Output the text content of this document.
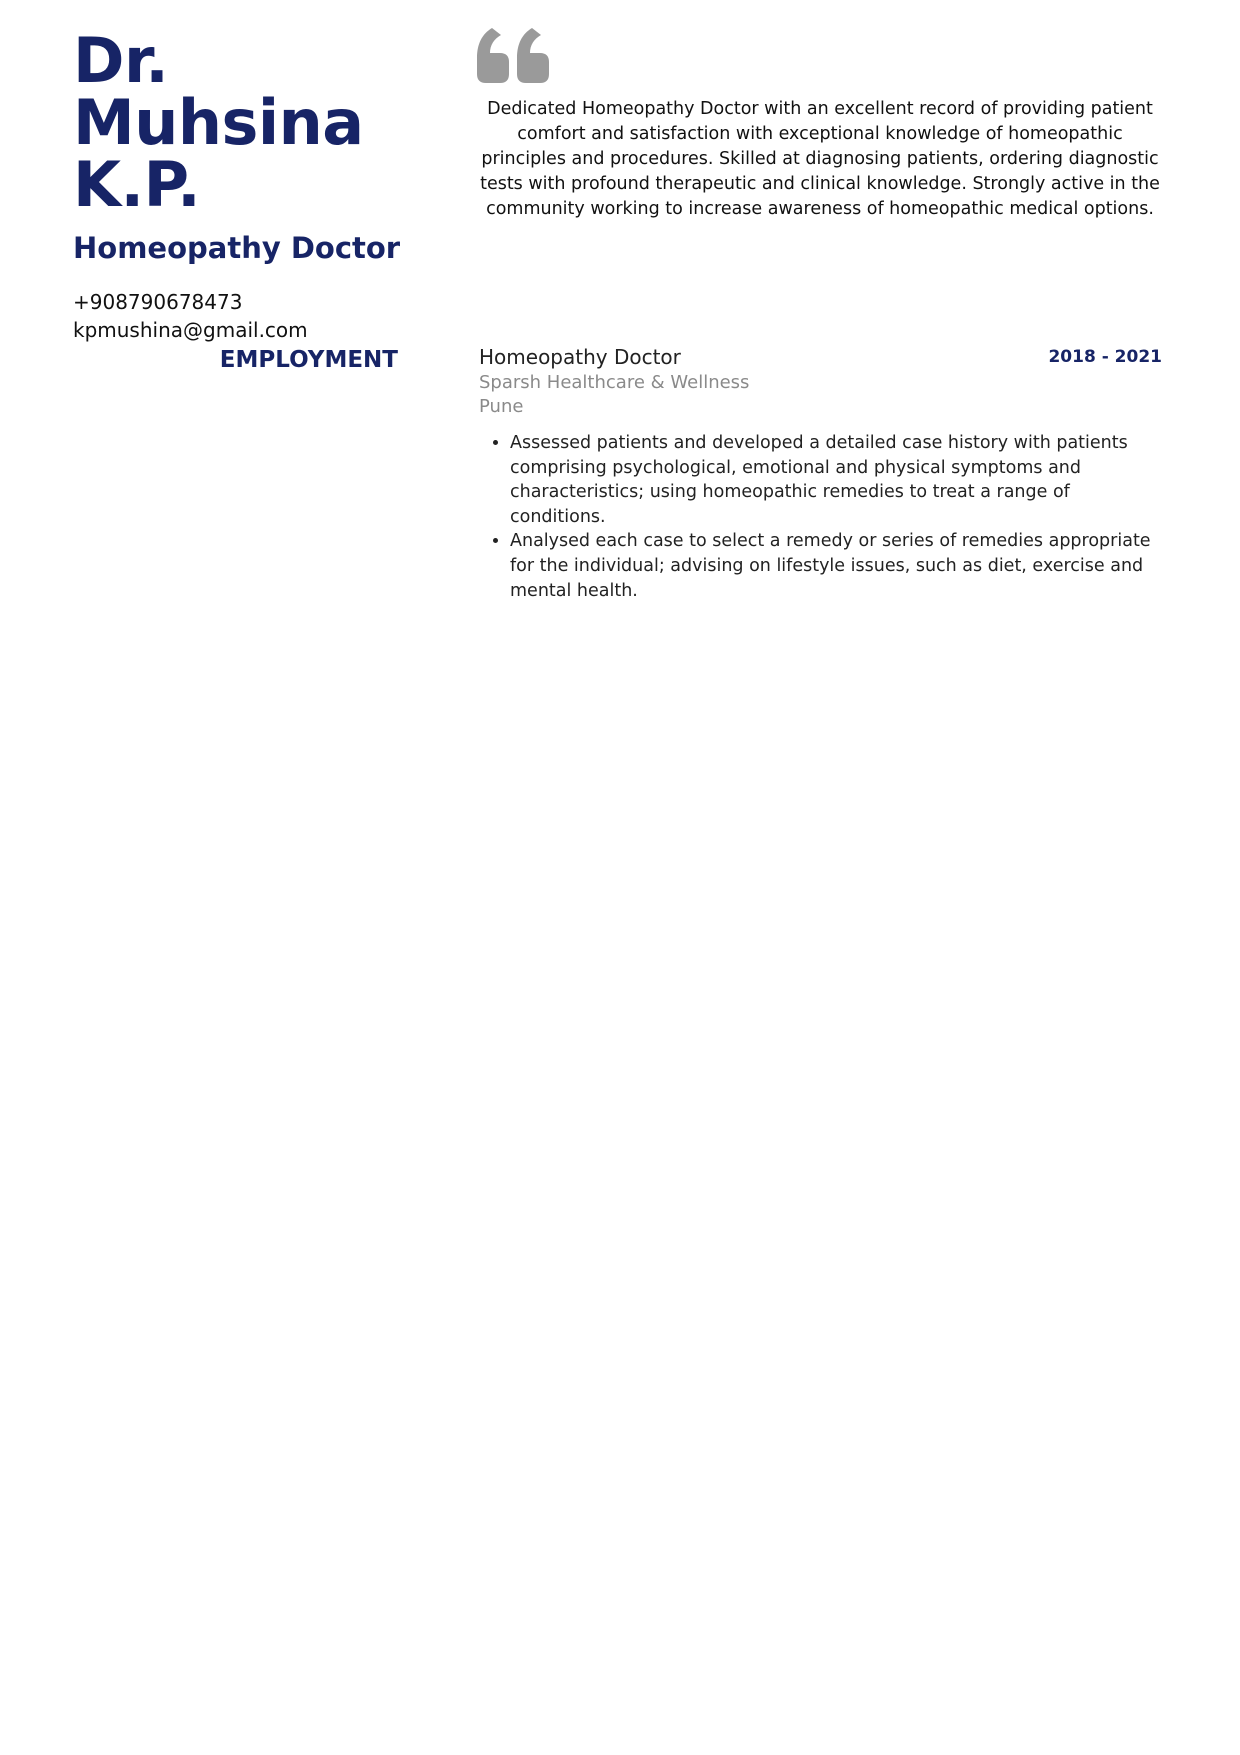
Dr.
Muhsina
K.P.
Homeopathy Doctor
+908790678473
kpmushina@gmail.com
EMPLOYMENT

Dedicated Homeopathy Doctor with an excellent record of providing patient comfort and satisfaction with exceptional knowledge of homeopathic principles and procedures. Skilled at diagnosing patients, ordering diagnostic tests with profound therapeutic and clinical knowledge. Strongly active in the community working to increase awareness of homeopathic medical options.

Homeopathy Doctor	2018 - 2021
Sparsh Healthcare & Wellness
Pune
• Assessed patients and developed a detailed case history with patients comprising psychological, emotional and physical symptoms and characteristics; using homeopathic remedies to treat a range of conditions.
• Analysed each case to select a remedy or series of remedies appropriate for the individual; advising on lifestyle issues, such as diet, exercise and mental health.
